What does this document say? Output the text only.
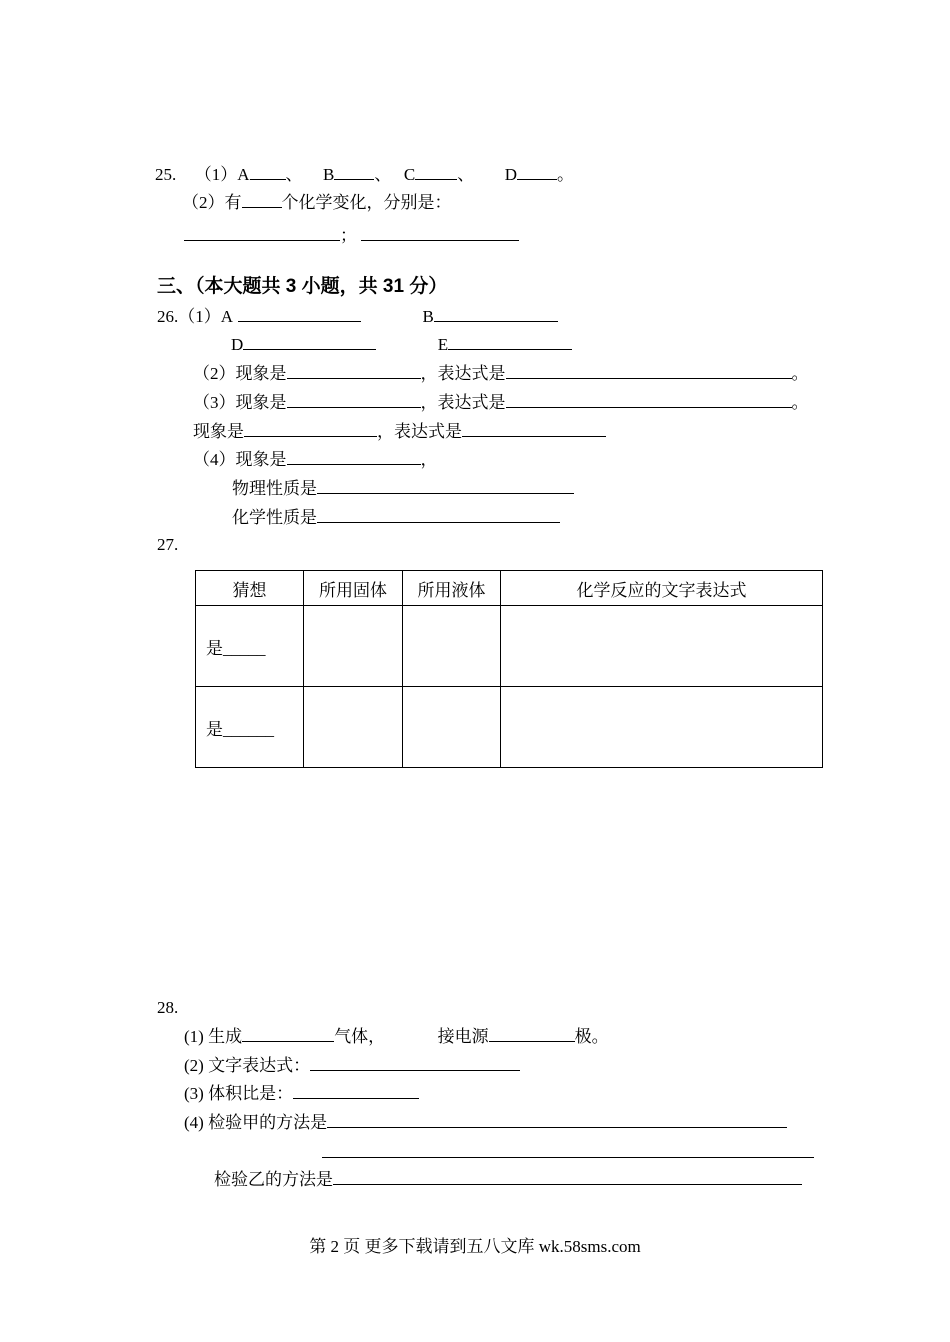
25. （1）A 、 B 、 C 、 D 。
（2）有 个化学变化，分别是：
；
三、（本大题共 3 小题，共 31 分）
26.（1）A	B
D	E
（2）现象是	，表达式是	。
（3）现象是	，表达式是	。
现象是	，表达式是
（4）现象是	，
物理性质是
化学性质是
27.
猜想	所用固体	所用液体	化学反应的文字表达式
是_____			
是______			
28.
(1) 生成	气体，	接电源	极。
(2) 文字表达式：
(3) 体积比是：
(4) 检验甲的方法是
检验乙的方法是
第 2 页 更多下载请到五八文库 wk.58sms.com
